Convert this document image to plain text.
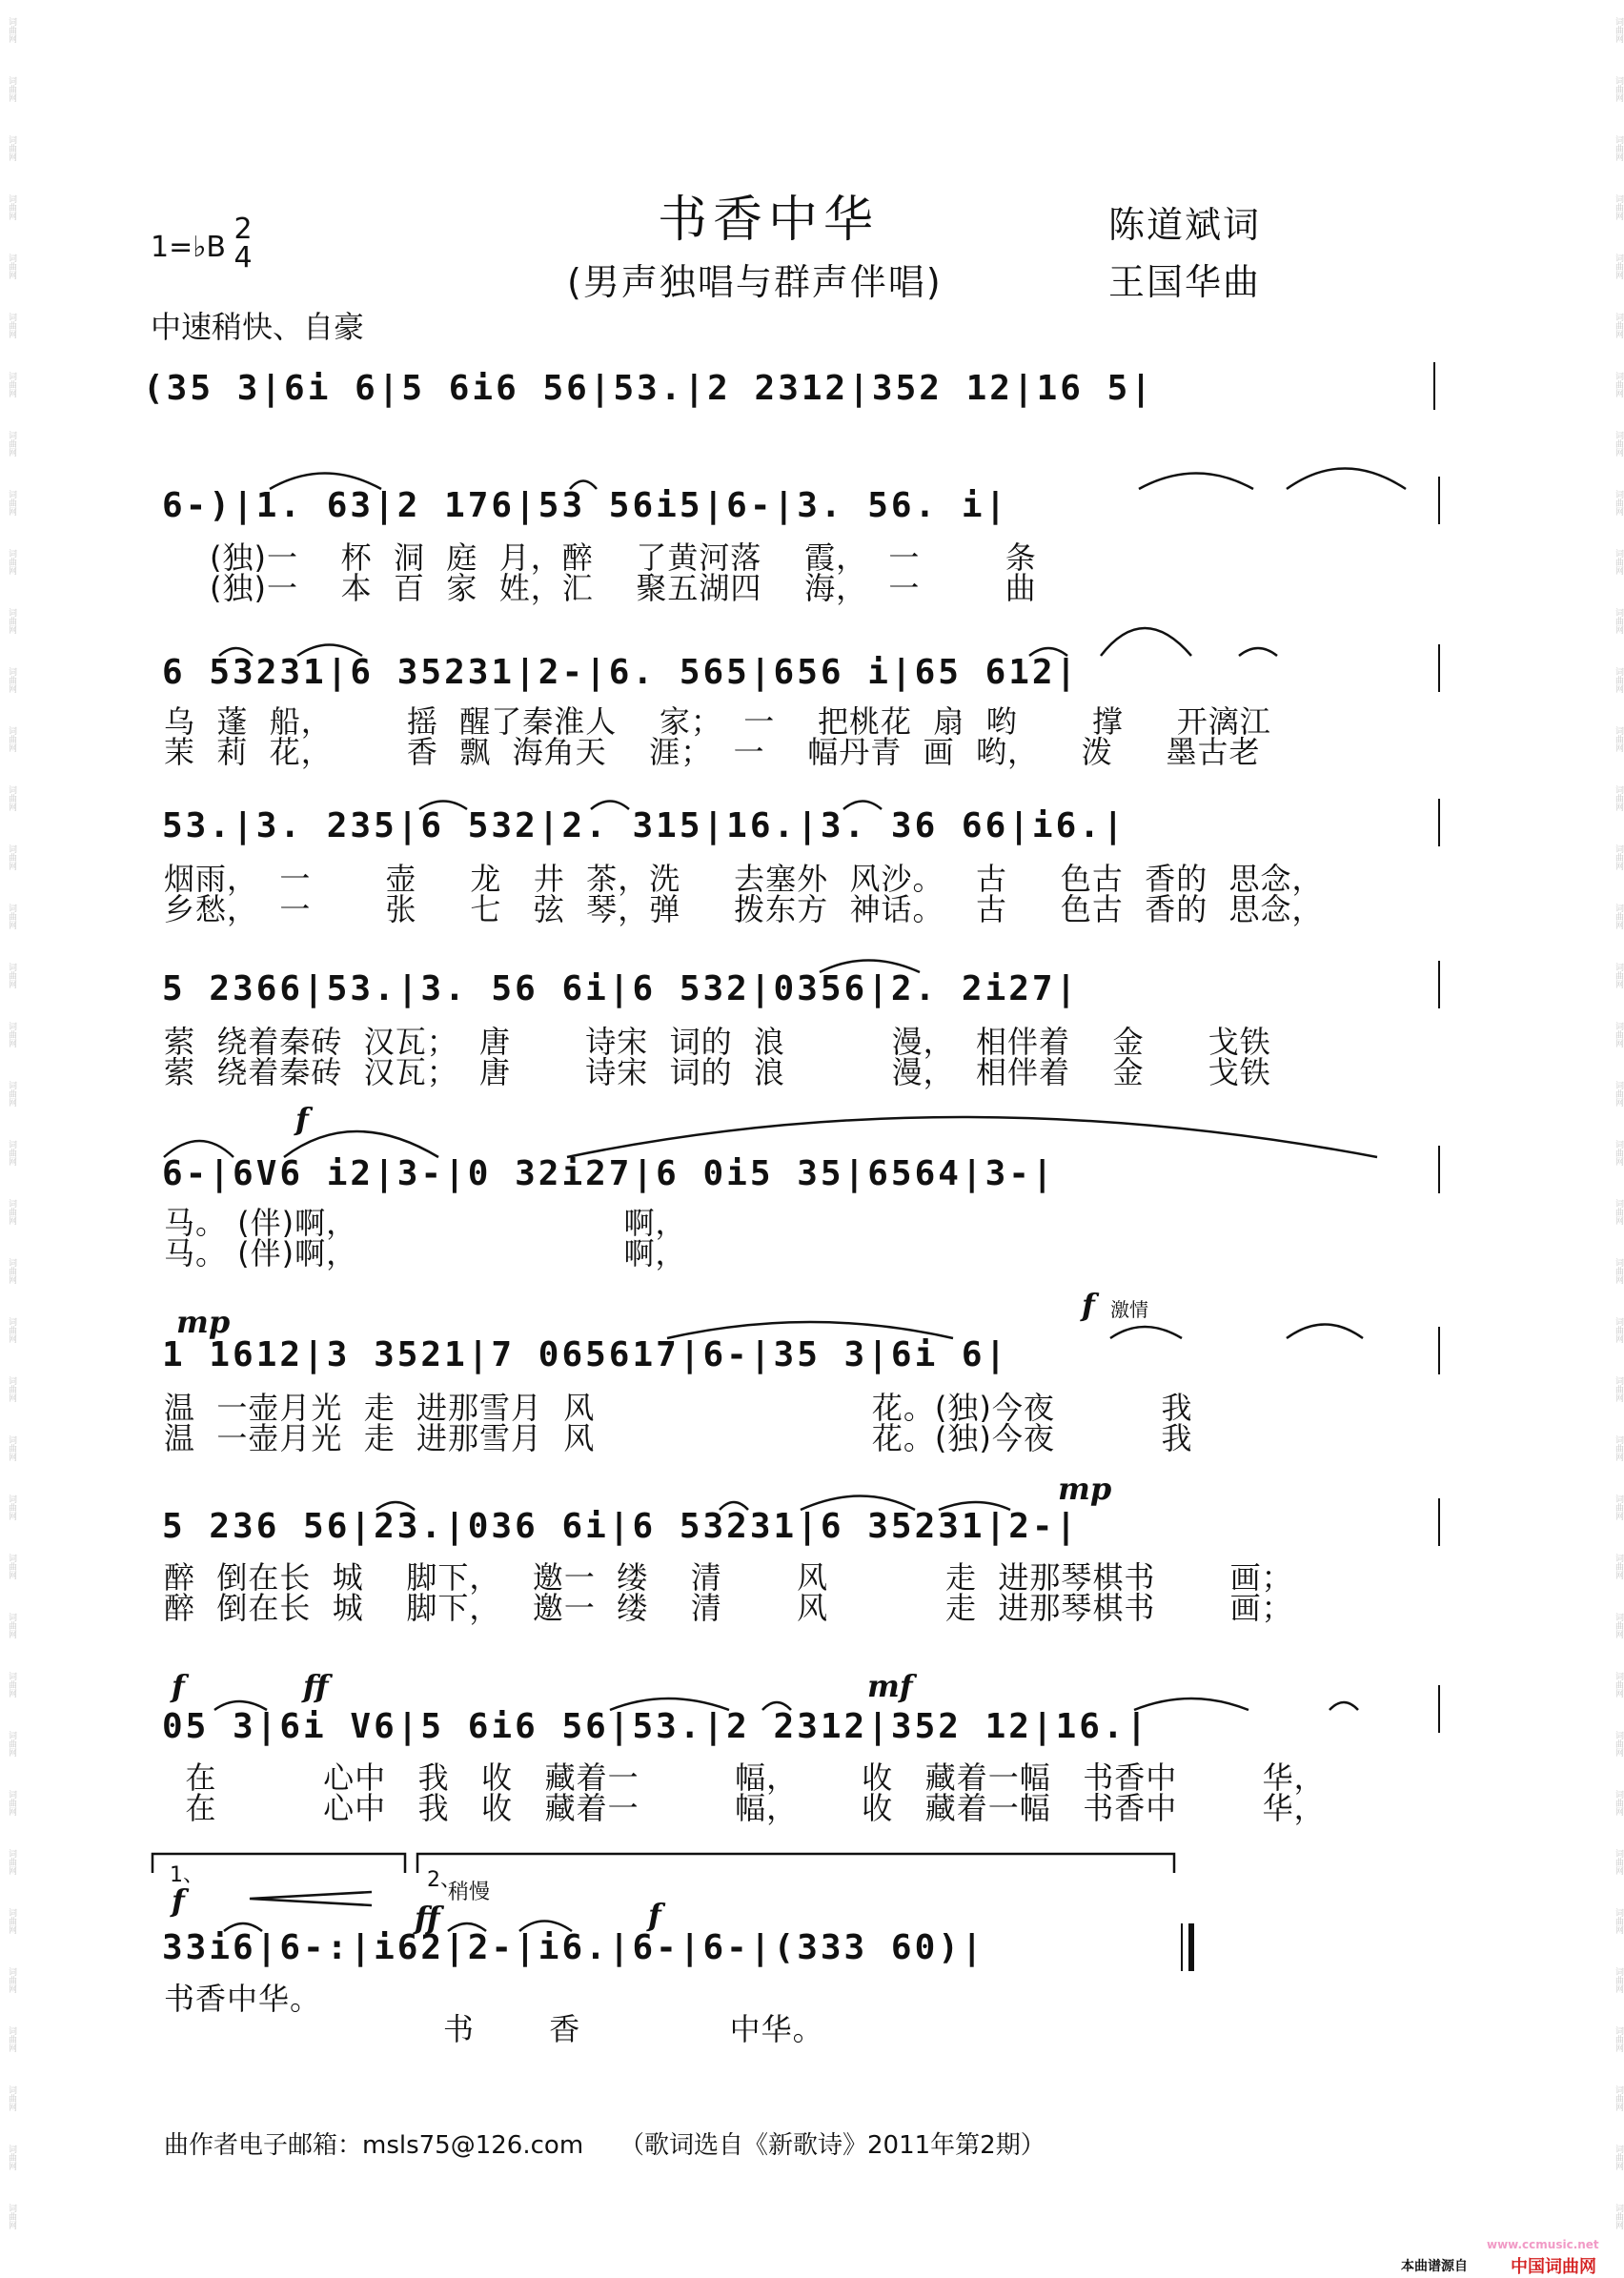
词曲网
词曲网
词曲网
词曲网
词曲网
词曲网
词曲网
词曲网
词曲网
词曲网
词曲网
词曲网
词曲网
词曲网
词曲网
词曲网
词曲网
词曲网
词曲网
词曲网
词曲网
词曲网
词曲网
词曲网
词曲网
词曲网
词曲网
词曲网
词曲网
词曲网
词曲网
词曲网
词曲网
词曲网
词曲网
词曲网
词曲网
词曲网
词曲网
词曲网
词曲网
词曲网
词曲网
词曲网
词曲网
词曲网
词曲网
词曲网
词曲网
词曲网
词曲网
词曲网
词曲网
词曲网
词曲网
词曲网
词曲网
词曲网
词曲网
词曲网
词曲网
词曲网
词曲网
词曲网
词曲网
词曲网
词曲网
词曲网
词曲网
词曲网
词曲网
词曲网
词曲网
词曲网
词曲网
词曲网
书香中华
(男声独唱与群声伴唱)
陈道斌词
王国华曲
1=♭B
2
4
中速稍快、自豪
(35 3|6i 6|5 6i6 56|53.|2 2312|352 12|16 5|
6-)|1. 63|2 176|53 56i5|6-|3. 56. i|
(独)一    杯  洞  庭  月，醉    了黄河落    霞，  一        条
(独)一    本  百  家  姓，汇    聚五湖四    海，  一        曲
6 53231|6 35231|2-|6. 565|656 i|65 612|
乌  蓬  船，       摇  醒了秦淮人    家；  一    把桃花  扇  哟       撑     开漓江
茉  莉  花，       香  飘  海角天    涯；  一    幅丹青  画  哟，    泼     墨古老
53.|3. 235|6 532|2. 315|16.|3. 36 66|i6.|
烟雨，  一       壶     龙   井  茶，洗     去塞外  风沙。   古     色古  香的  思念，
乡愁，  一       张     七   弦  琴，弹     拨东方  神话。   古     色古  香的  思念，
5 2366|53.|3. 56 6i|6 532|0356|2. 2i27|
萦  绕着秦砖  汉瓦；  唐       诗宋  词的  浪          漫，  相伴着    金      戈铁
萦  绕着秦砖  汉瓦；  唐       诗宋  词的  浪          漫，  相伴着    金      戈铁
f
6-|6V6 i2|3-|0 32i27|6 0i5 35|6564|3-|
马。 (伴)啊，                         啊，
马。 (伴)啊，                         啊，
mp	f 激情
1 1612|3 3521|7 065617|6-|35 3|6i 6|
温  一壶月光  走  进那雪月  风                          花。(独)今夜          我
温  一壶月光  走  进那雪月  风                          花。(独)今夜          我
mp
5 236 56|23.|036 6i|6 53231|6 35231|2-|
醉  倒在长  城    脚下，   邀一  缕    清       风           走  进那琴棋书       画；
醉  倒在长  城    脚下，   邀一  缕    清       风           走  进那琴棋书       画；
f	ff	mf
05 3|6i V6|5 6i6 56|53.|2 2312|352 12|16.|
在          心中   我   收   藏着一         幅，      收   藏着一幅   书香中        华，
在          心中   我   收   藏着一         幅，      收   藏着一幅   书香中        华，
1、	2、
稍慢
f	ff	f
33i6|6-:|i62|2-|i6.|6-|6-|(333 60)|
书香中华。
书       香              中华。
曲作者电子邮箱：msls75@126.com （歌词选自《新歌诗》2011年第2期）
www.ccmusic.net
本曲谱源自	中国词曲网
